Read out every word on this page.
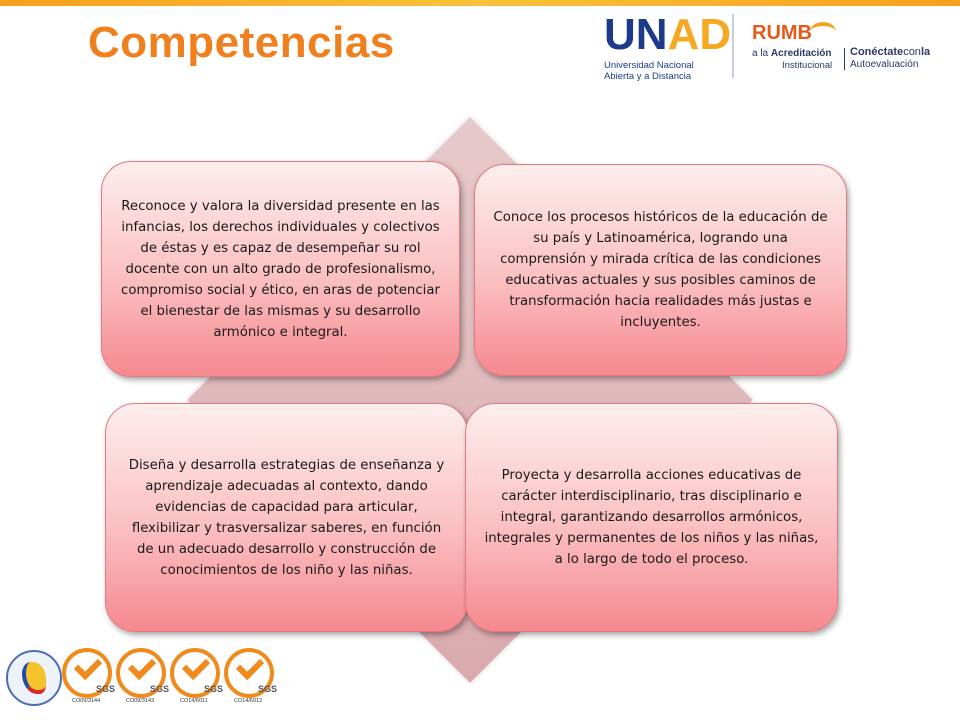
Competencias	UNAD
Universidad Nacional
Abierta y a Distancia
RUMB
a la Acreditación
Institucional
Conéctateconla
Autoevaluación
Reconoce y valora la diversidad presente en las infancias, los derechos individuales y colectivos de éstas y es capaz de desempeñar su rol docente con un alto grado de profesionalismo, compromiso social y ético, en aras de potenciar el bienestar de las mismas y su desarrollo armónico e integral.
Conoce los procesos históricos de la educación de su país y Latinoamérica, logrando una comprensión y mirada crítica de las condiciones educativas actuales y sus posibles caminos de transformación hacia realidades más justas e incluyentes.
Diseña y desarrolla estrategias de enseñanza y aprendizaje adecuadas al contexto, dando evidencias de capacidad para articular, flexibilizar y trasversalizar saberes, en función de un adecuado desarrollo y construcción de conocimientos de los niño y las niñas.
Proyecta y desarrolla acciones educativas de carácter interdisciplinario, tras disciplinario e integral, garantizando desarrollos armónicos, integrales y permanentes de los niños y las niñas, a lo largo de todo el proceso.
SGS
CO09/3144
SGS
CO09/3143
SGS
CO14/6011
SGS
CO14/6012
